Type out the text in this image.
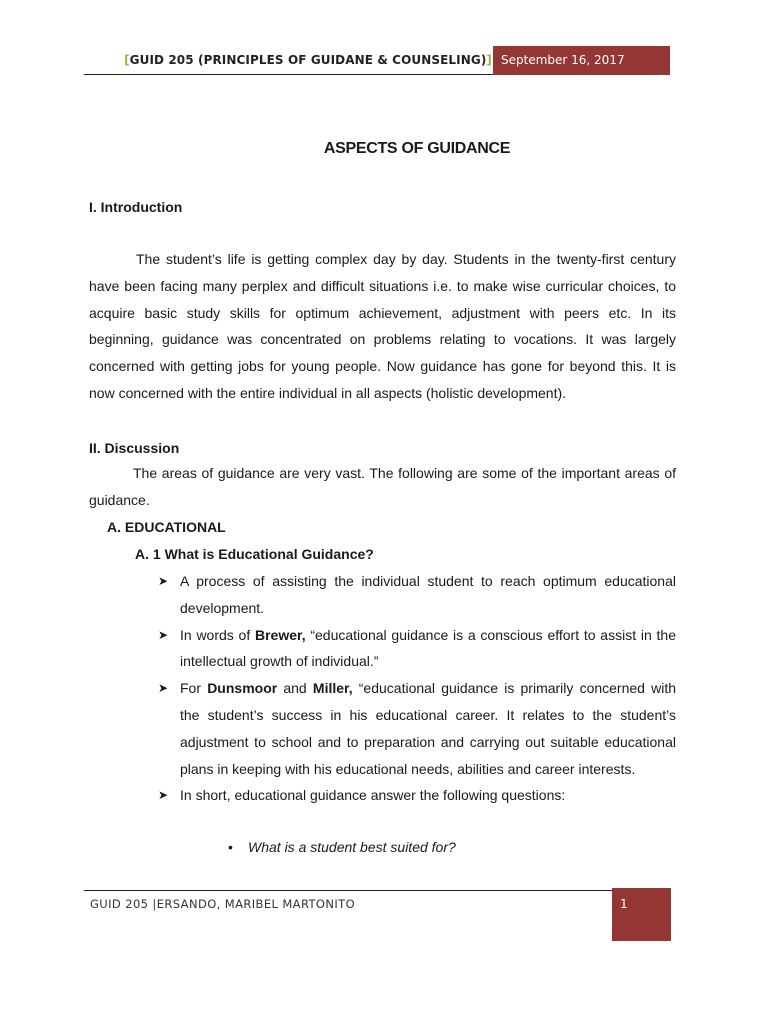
[GUID 205 (PRINCIPLES OF GUIDANE & COUNSELING)] September 16, 2017
ASPECTS OF GUIDANCE
I. Introduction
The student’s life is getting complex day by day. Students in the twenty-first century have been facing many perplex and difficult situations i.e. to make wise curricular choices, to acquire basic study skills for optimum achievement, adjustment with peers etc. In its beginning, guidance was concentrated on problems relating to vocations. It was largely concerned with getting jobs for young people. Now guidance has gone for beyond this. It is now concerned with the entire individual in all aspects (holistic development).
II. Discussion
The areas of guidance are very vast. The following are some of the important areas of guidance.
A. EDUCATIONAL
A. 1 What is Educational Guidance?
➤ A process of assisting the individual student to reach optimum educational development.
➤ In words of Brewer, “educational guidance is a conscious effort to assist in the intellectual growth of individual.”
➤ For Dunsmoor and Miller, “educational guidance is primarily concerned with the student’s success in his educational career. It relates to the student’s adjustment to school and to preparation and carrying out suitable educational plans in keeping with his educational needs, abilities and career interests.
➤ In short, educational guidance answer the following questions:
• What is a student best suited for?
GUID 205 |ERSANDO, MARIBEL MARTONITO	1
